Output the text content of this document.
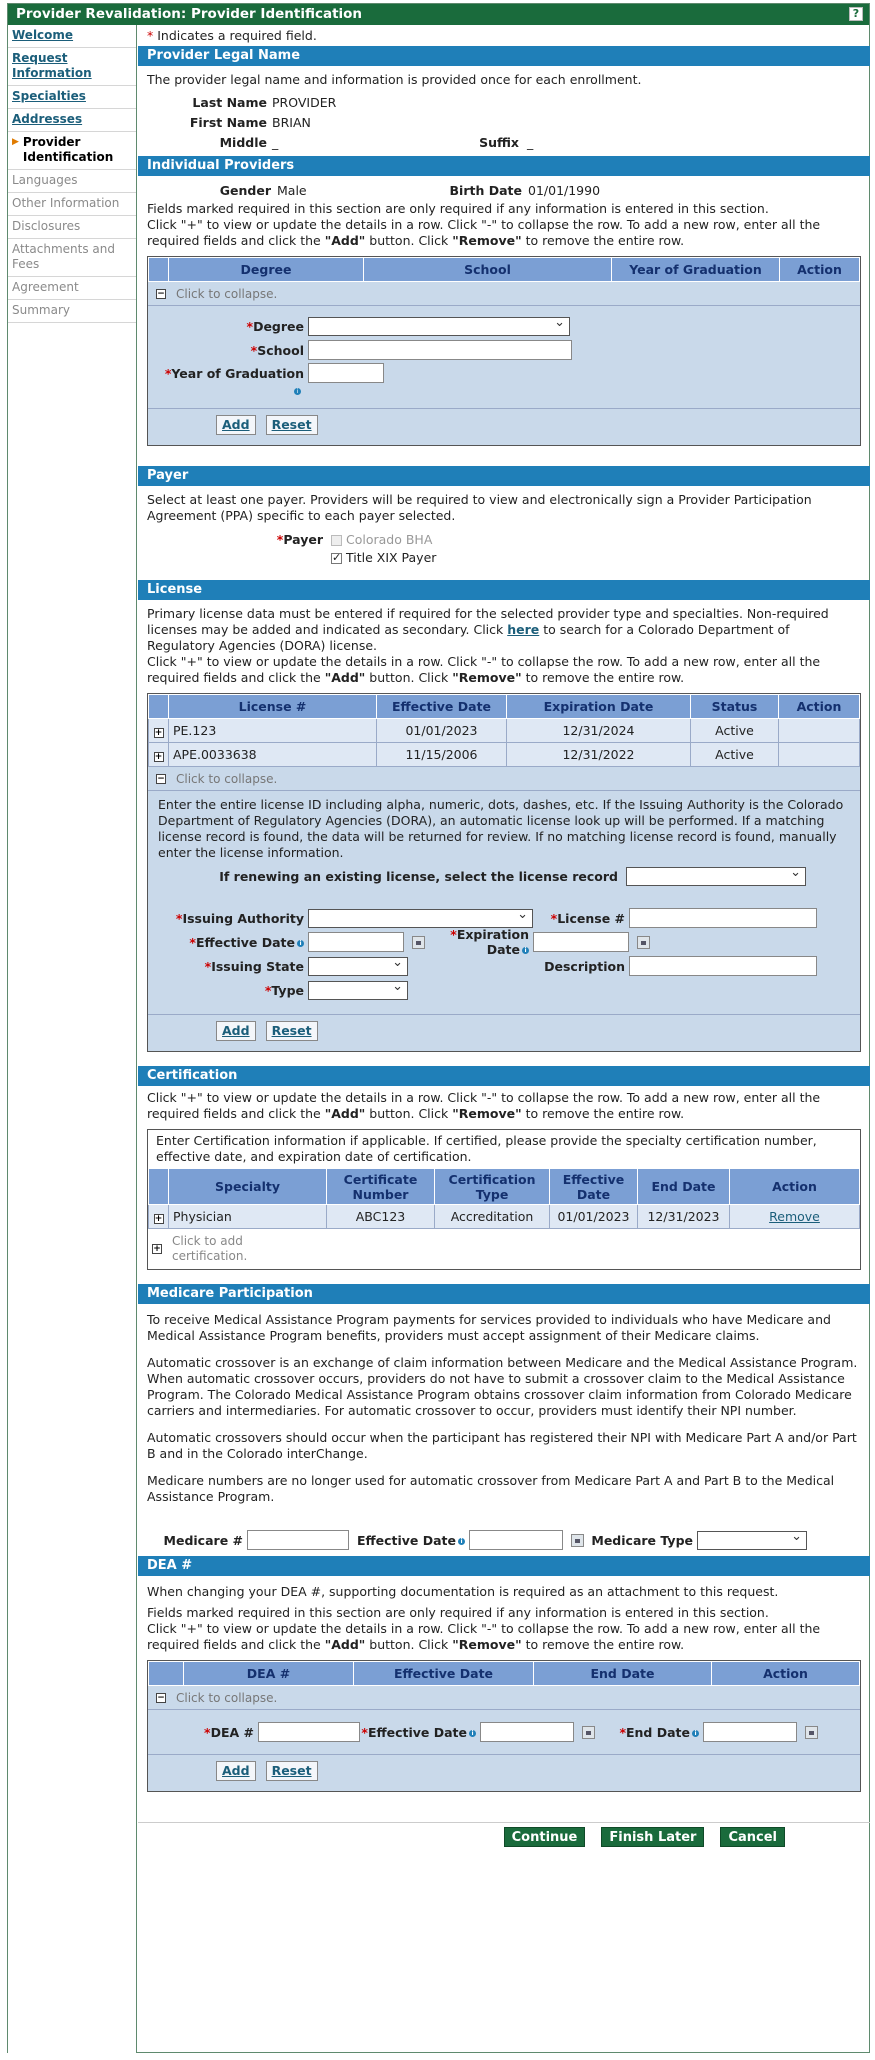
Provider Revalidation: Provider Identification	?
Welcome
Request Information
Specialties
Addresses
▶ Provider Identification
Languages
Other Information
Disclosures
Attachments and Fees
Agreement
Summary
* Indicates a required field.
Provider Legal Name
The provider legal name and information is provided once for each enrollment.
Last Name PROVIDER
First Name BRIAN
Middle _	Suffix _
Individual Providers
Gender Male	Birth Date 01/01/1990
Fields marked required in this section are only required if any information is entered in this section.
Click "+" to view or update the details in a row. Click "-" to collapse the row. To add a new row, enter all the required fields and click the "Add" button. Click "Remove" to remove the entire row.
	Degree	School	Year of Graduation	Action
− Click to collapse.
*Degree
⌄
*School
*Year of Graduation
i
Add	Reset
Payer
Select at least one payer. Providers will be required to view and electronically sign a Provider Participation Agreement (PPA) specific to each payer selected.
*Payer	Colorado BHA
✓Title XIX Payer
License
Primary license data must be entered if required for the selected provider type and specialties. Non-required licenses may be added and indicated as secondary. Click here to search for a Colorado Department of Regulatory Agencies (DORA) license.
Click "+" to view or update the details in a row. Click "-" to collapse the row. To add a new row, enter all the required fields and click the "Add" button. Click "Remove" to remove the entire row.
	License #	Effective Date	Expiration Date	Status	Action
+	PE.123	01/01/2023	12/31/2024	Active	
+	APE.0033638	11/15/2006	12/31/2022	Active	
− Click to collapse.
Enter the entire license ID including alpha, numeric, dots, dashes, etc. If the Issuing Authority is the Colorado Department of Regulatory Agencies (DORA), an automatic license look up will be performed. If a matching license record is found, the data will be returned for review. If no matching license record is found, manually enter the license information.
If renewing an existing license, select the license record
⌄
*Issuing Authority ⌄	*License #
*Effective Date i
*Expiration Date i
*Issuing State ⌄	Description
*Type
⌄
Add	Reset
Certification
Click "+" to view or update the details in a row. Click "-" to collapse the row. To add a new row, enter all the required fields and click the "Add" button. Click "Remove" to remove the entire row.
Enter Certification information if applicable. If certified, please provide the specialty certification number, effective date, and expiration date of certification.
	Specialty	Certificate Number	Certification Type	Effective Date	End Date	Action
+	Physician	ABC123	Accreditation	01/01/2023	12/31/2023	Remove
+
Click to add certification.
Medicare Participation
To receive Medical Assistance Program payments for services provided to individuals who have Medicare and Medical Assistance Program benefits, providers must accept assignment of their Medicare claims.
Automatic crossover is an exchange of claim information between Medicare and the Medical Assistance Program. When automatic crossover occurs, providers do not have to submit a crossover claim to the Medical Assistance Program. The Colorado Medical Assistance Program obtains crossover claim information from Colorado Medicare carriers and intermediaries. For automatic crossover to occur, providers must identify their NPI number.
Automatic crossovers should occur when the participant has registered their NPI with Medicare Part A and/or Part B and in the Colorado interChange.
Medicare numbers are no longer used for automatic crossover from Medicare Part A and Part B to the Medical Assistance Program.
Medicare #	Effective Date i	Medicare Type
⌄
DEA #
When changing your DEA #, supporting documentation is required as an attachment to this request.
Fields marked required in this section are only required if any information is entered in this section.
Click "+" to view or update the details in a row. Click "-" to collapse the row. To add a new row, enter all the required fields and click the "Add" button. Click "Remove" to remove the entire row.
	DEA #	Effective Date	End Date	Action
− Click to collapse.
*DEA #	*Effective Date i	*End Date i
Add	Reset
Continue	Finish Later	Cancel
